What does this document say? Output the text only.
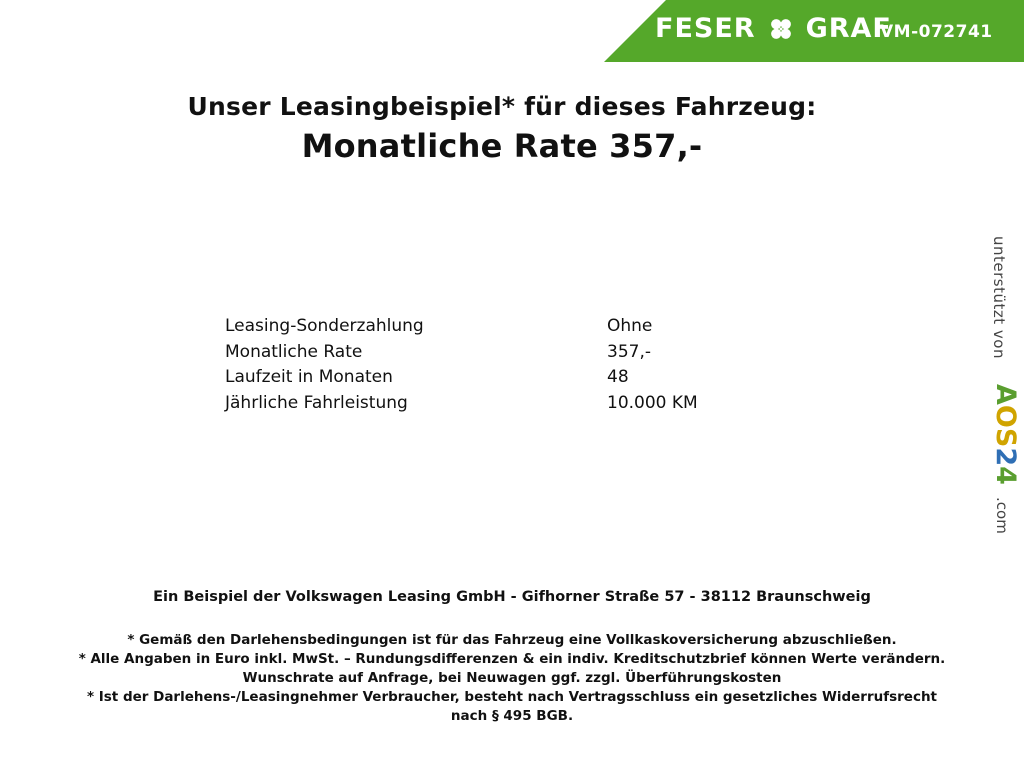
FESER GRAF
VM-072741
Unser Leasingbeispiel* für dieses Fahrzeug:
Monatliche Rate 357,-
Leasing-Sonderzahlung	Ohne
Monatliche Rate	357,-
Laufzeit in Monaten	48
Jährliche Fahrleistung	10.000 KM
unterstützt von
AOS24
.com
Ein Beispiel der Volkswagen Leasing GmbH - Gifhorner Straße 57 - 38112 Braunschweig
* Gemäß den Darlehensbedingungen ist für das Fahrzeug eine Vollkaskoversicherung abzuschließen.
* Alle Angaben in Euro inkl. MwSt. – Rundungsdifferenzen & ein indiv. Kreditschutzbrief können Werte verändern.
Wunschrate auf Anfrage, bei Neuwagen ggf. zzgl. Überführungskosten
* Ist der Darlehens-/Leasingnehmer Verbraucher, besteht nach Vertragsschluss ein gesetzliches Widerrufsrecht
nach § 495 BGB.
